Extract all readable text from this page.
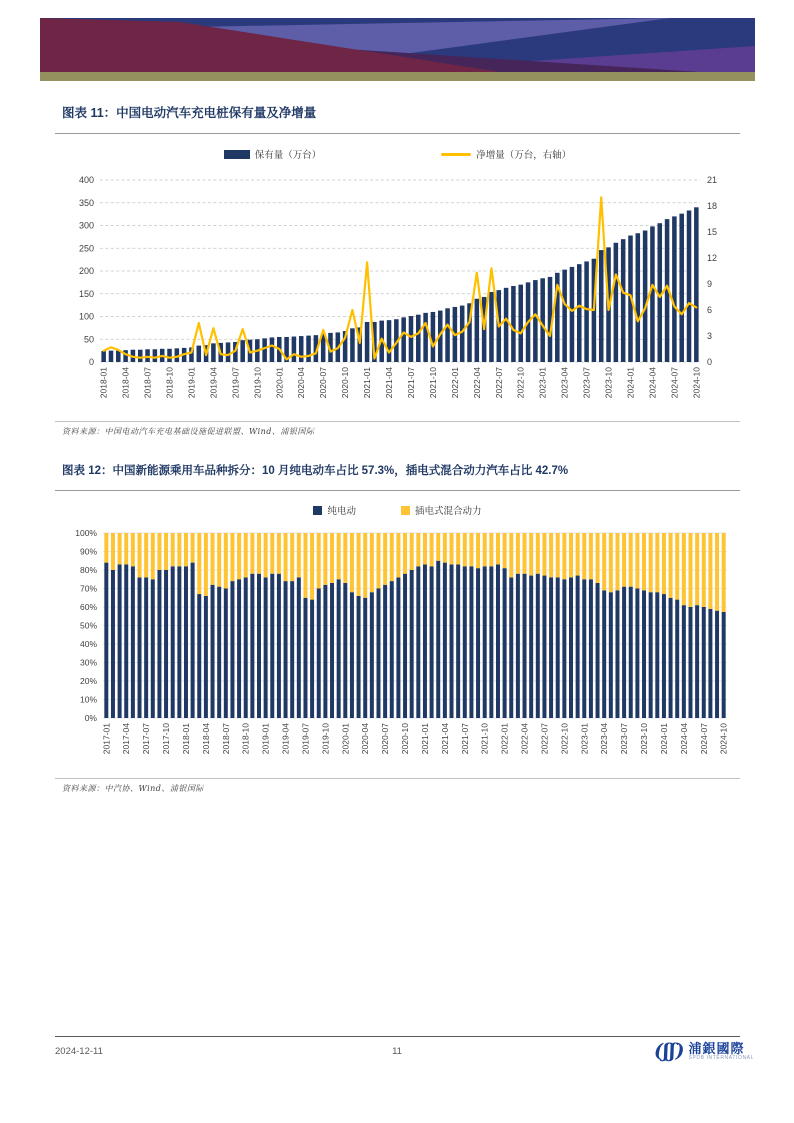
图表 11：中国电动汽车充电桩保有量及净增量
保有量（万台）	净增量（万台，右轴）
0
50
100
150
200
250
300
350
400
0
3
6
9
12
15
18
21
2018-01 2018-04 2018-07 2018-10 2019-01 2019-04 2019-07 2019-10 2020-01 2020-04 2020-07 2020-10 2021-01 2021-04 2021-07 2021-10 2022-01 2022-04 2022-07 2022-10 2023-01 2023-04 2023-07 2023-10 2024-01 2024-04 2024-07 2024-10
资料来源：中国电动汽车充电基础设施促进联盟、Wind、浦银国际
图表 12：中国新能源乘用车品种拆分：10 月纯电动车占比 57.3%，插电式混合动力汽车占比 42.7%
纯电动	插电式混合动力
0%
10%
20%
30%
40%
50%
60%
70%
80%
90%
100%
2017-01 2017-04 2017-07 2017-10 2018-01 2018-04 2018-07 2018-10 2019-01 2019-04 2019-07 2019-10 2020-01 2020-04 2020-07 2020-10 2021-01 2021-04 2021-07 2021-10 2022-01 2022-04 2022-07 2022-10 2023-01 2023-04 2023-07 2023-10 2024-01 2024-04 2024-07 2024-10
资料来源：中汽协、Wind、浦银国际
2024-12-11	11	(ʃʃ) 浦銀國際
SPDB INTERNATIONAL
